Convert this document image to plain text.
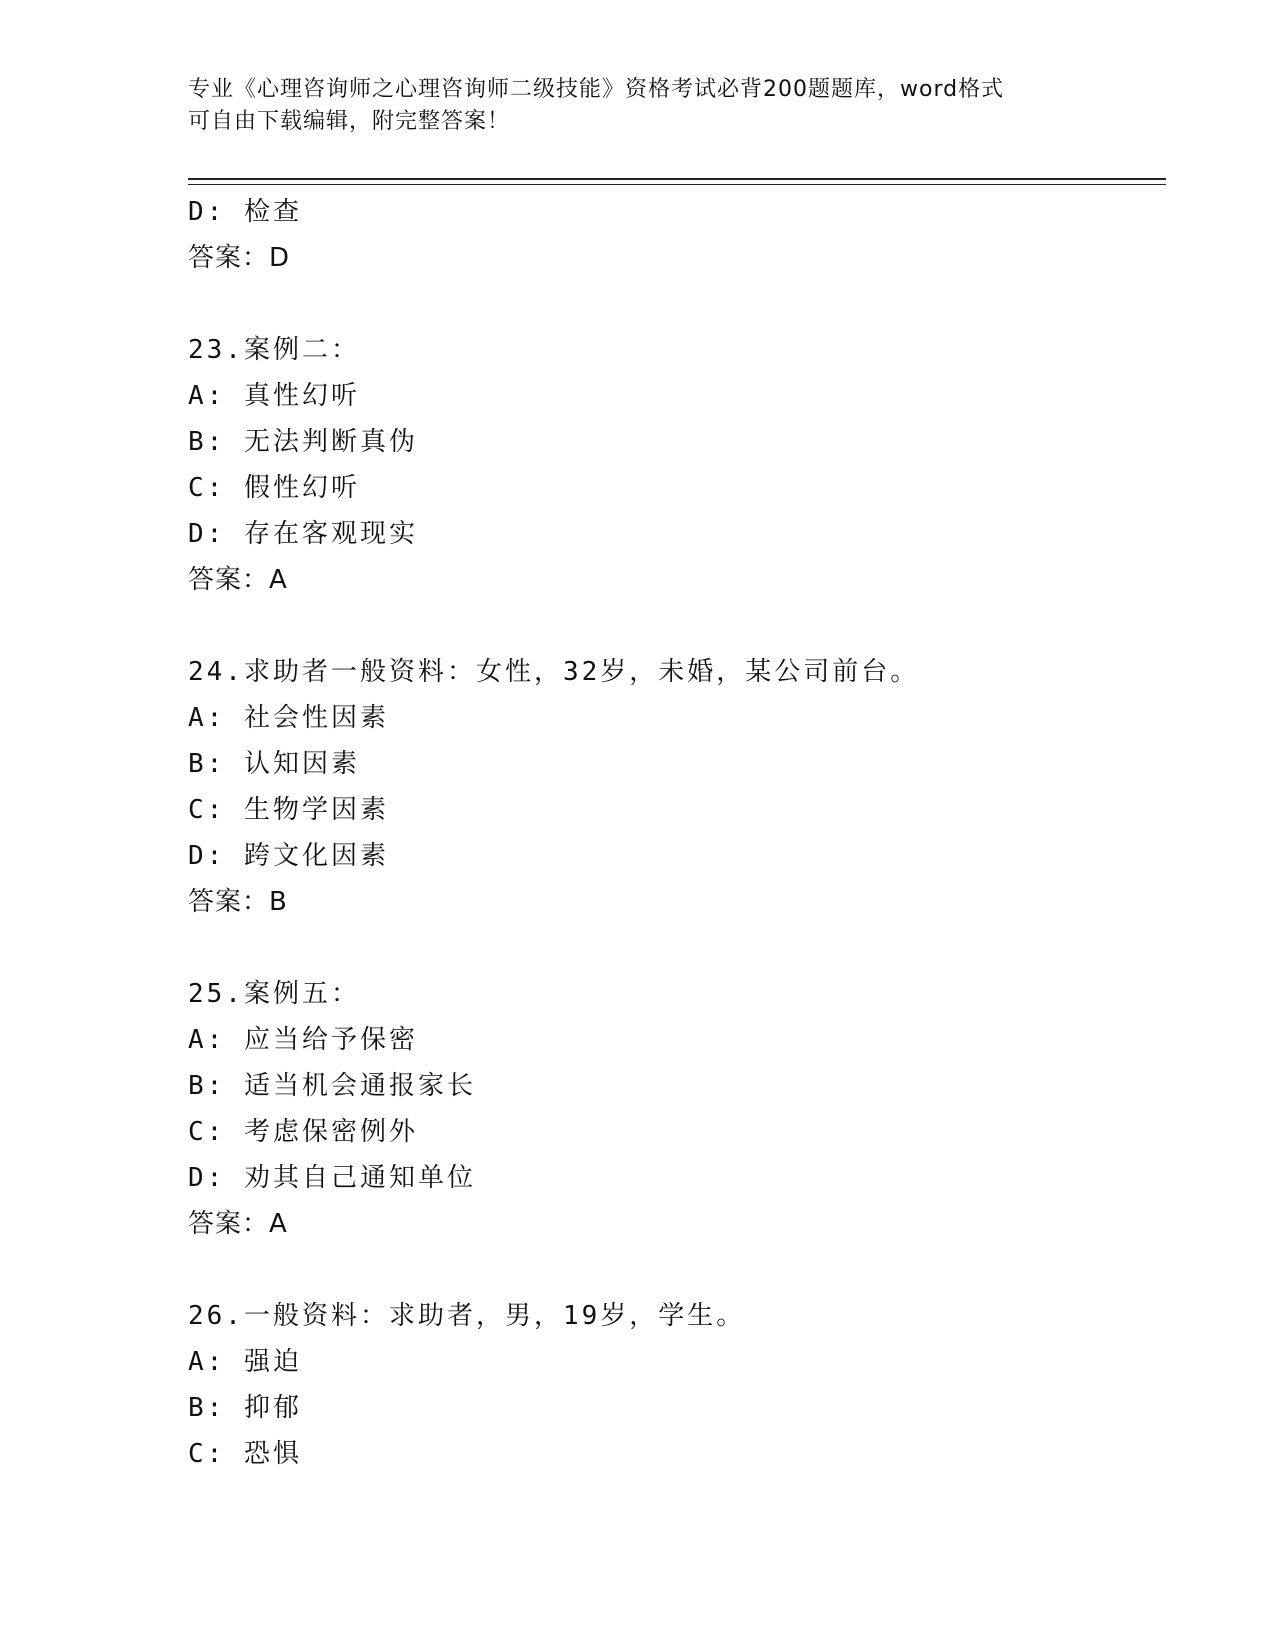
专业《心理咨询师之心理咨询师二级技能》资格考试必背200题题库，word格式
可自由下载编辑，附完整答案！
D: 检查
答案：D
23.案例二：
A: 真性幻听
B: 无法判断真伪
C: 假性幻听
D: 存在客观现实
答案：A
24.求助者一般资料：女性，32岁，未婚，某公司前台。
A: 社会性因素
B: 认知因素
C: 生物学因素
D: 跨文化因素
答案：B
25.案例五：
A: 应当给予保密
B: 适当机会通报家长
C: 考虑保密例外
D: 劝其自己通知单位
答案：A
26.一般资料：求助者，男，19岁，学生。
A: 强迫
B: 抑郁
C: 恐惧
